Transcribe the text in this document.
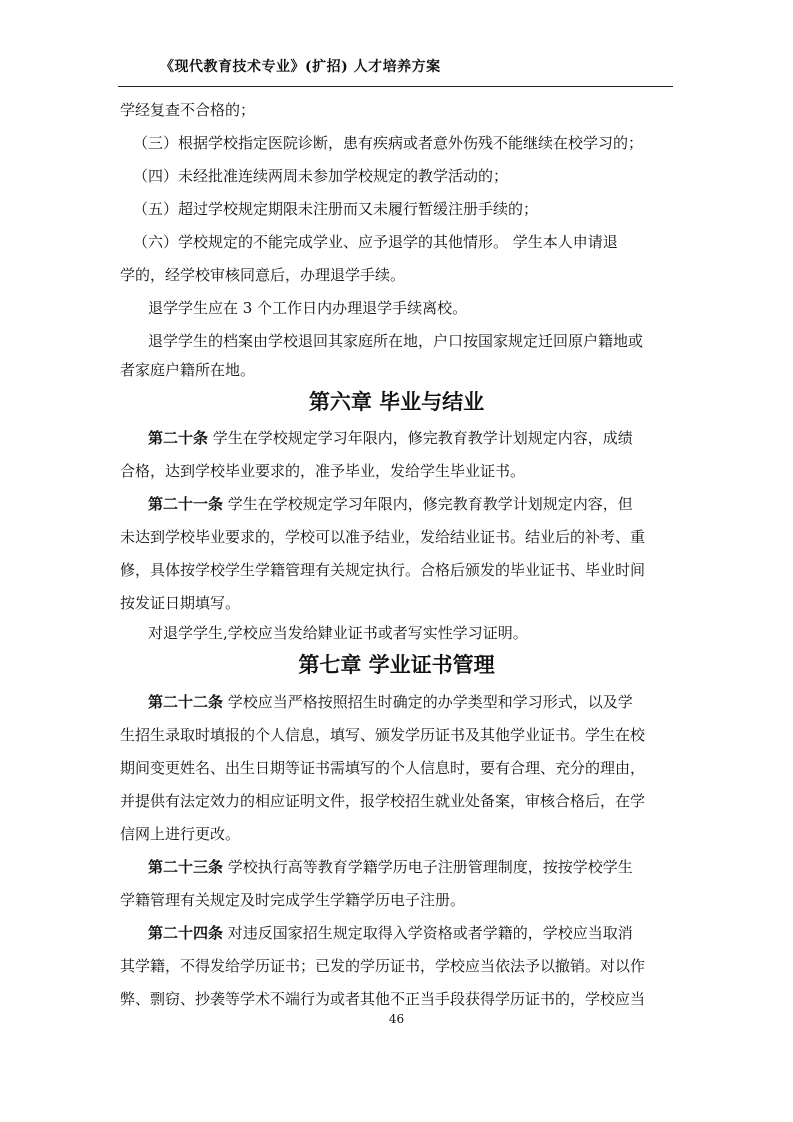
《现代教育技术专业》(扩招) 人才培养方案
学经复查不合格的；
（三）根据学校指定医院诊断，患有疾病或者意外伤残不能继续在校学习的；
（四）未经批准连续两周未参加学校规定的教学活动的；
（五）超过学校规定期限未注册而又未履行暂缓注册手续的；
（六）学校规定的不能完成学业、应予退学的其他情形。 学生本人申请退
学的，经学校审核同意后，办理退学手续。
退学学生应在 3 个工作日内办理退学手续离校。
退学学生的档案由学校退回其家庭所在地，户口按国家规定迁回原户籍地或
者家庭户籍所在地。
第六章 毕业与结业
第二十条 学生在学校规定学习年限内，修完教育教学计划规定内容，成绩
合格，达到学校毕业要求的，准予毕业，发给学生毕业证书。
第二十一条 学生在学校规定学习年限内，修完教育教学计划规定内容，但
未达到学校毕业要求的，学校可以准予结业，发给结业证书。结业后的补考、重
修，具体按学校学生学籍管理有关规定执行。合格后颁发的毕业证书、毕业时间
按发证日期填写。
对退学学生,学校应当发给肄业证书或者写实性学习证明。
第七章 学业证书管理
第二十二条 学校应当严格按照招生时确定的办学类型和学习形式，以及学
生招生录取时填报的个人信息，填写、颁发学历证书及其他学业证书。学生在校
期间变更姓名、出生日期等证书需填写的个人信息时，要有合理、充分的理由，
并提供有法定效力的相应证明文件，报学校招生就业处备案，审核合格后，在学
信网上进行更改。
第二十三条 学校执行高等教育学籍学历电子注册管理制度，按按学校学生
学籍管理有关规定及时完成学生学籍学历电子注册。
第二十四条 对违反国家招生规定取得入学资格或者学籍的，学校应当取消
其学籍，不得发给学历证书；已发的学历证书，学校应当依法予以撤销。对以作
弊、剽窃、抄袭等学术不端行为或者其他不正当手段获得学历证书的，学校应当
46
